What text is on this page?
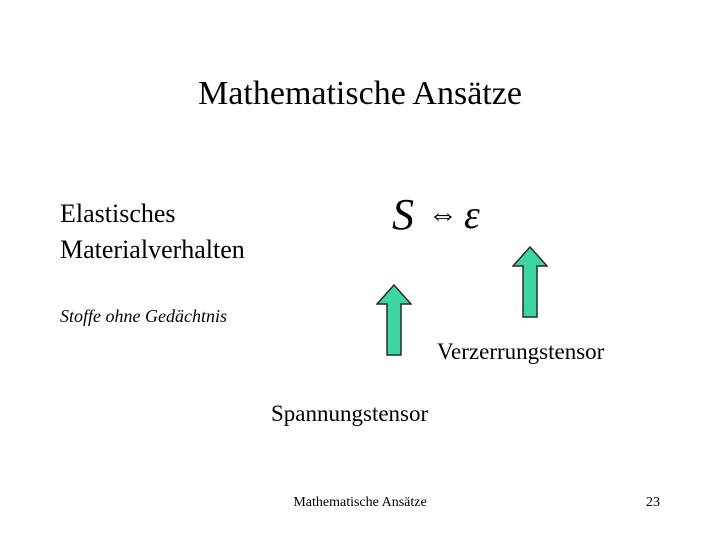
Mathematische Ansätze
Elastisches
Materialverhalten
Stoffe ohne Gedächtnis
S ⇔ ε
Verzerrungstensor
Spannungstensor
Mathematische Ansätze	23
